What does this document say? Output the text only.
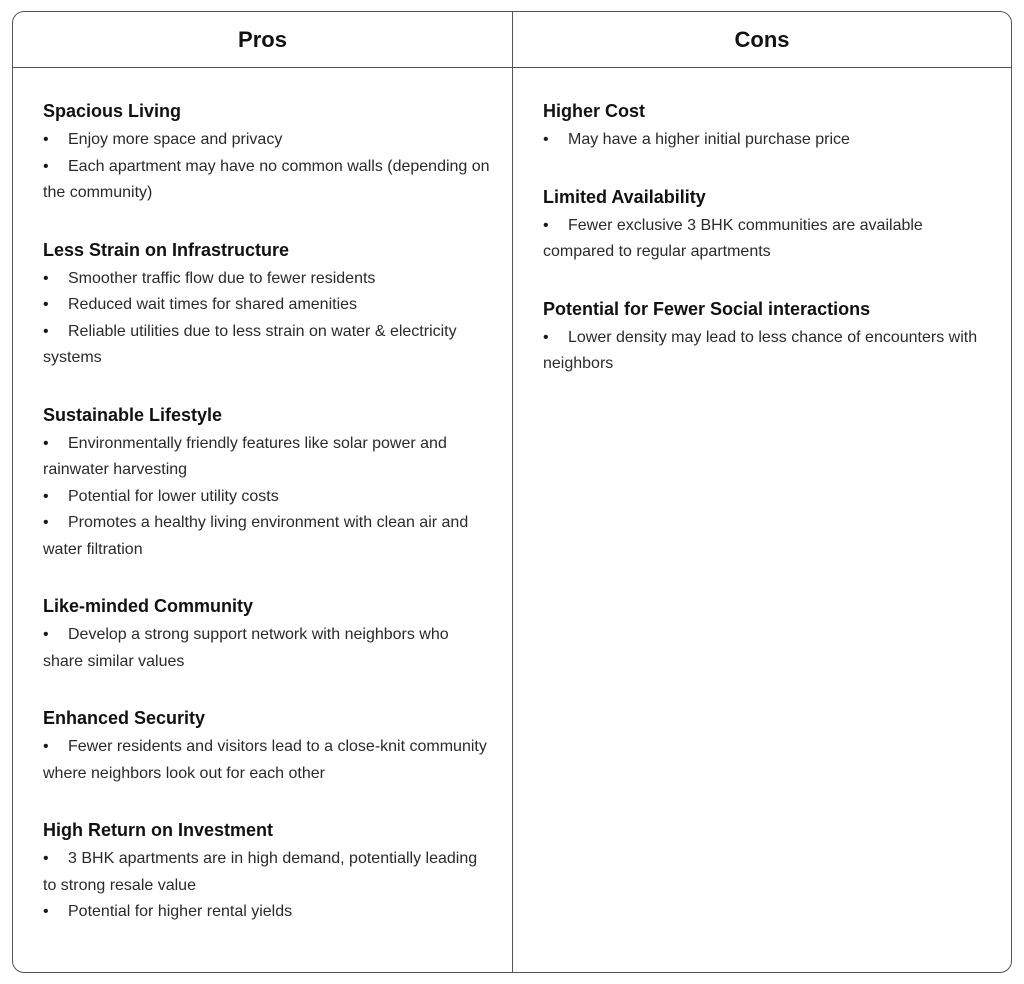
Pros	Cons
Spacious Living
• Enjoy more space and privacy
• Each apartment may have no common walls (depending on the community)
Less Strain on Infrastructure
• Smoother traffic flow due to fewer residents
• Reduced wait times for shared amenities
• Reliable utilities due to less strain on water & electricity systems
Sustainable Lifestyle
• Environmentally friendly features like solar power and rainwater harvesting
• Potential for lower utility costs
• Promotes a healthy living environment with clean air and water filtration
Like-minded Community
• Develop a strong support network with neighbors who share similar values
Enhanced Security
• Fewer residents and visitors lead to a close-knit community where neighbors look out for each other
High Return on Investment
• 3 BHK apartments are in high demand, potentially leading to strong resale value
• Potential for higher rental yields
Higher Cost
• May have a higher initial purchase price
Limited Availability
• Fewer exclusive 3 BHK communities are available compared to regular apartments
Potential for Fewer Social interactions
• Lower density may lead to less chance of encounters with neighbors
